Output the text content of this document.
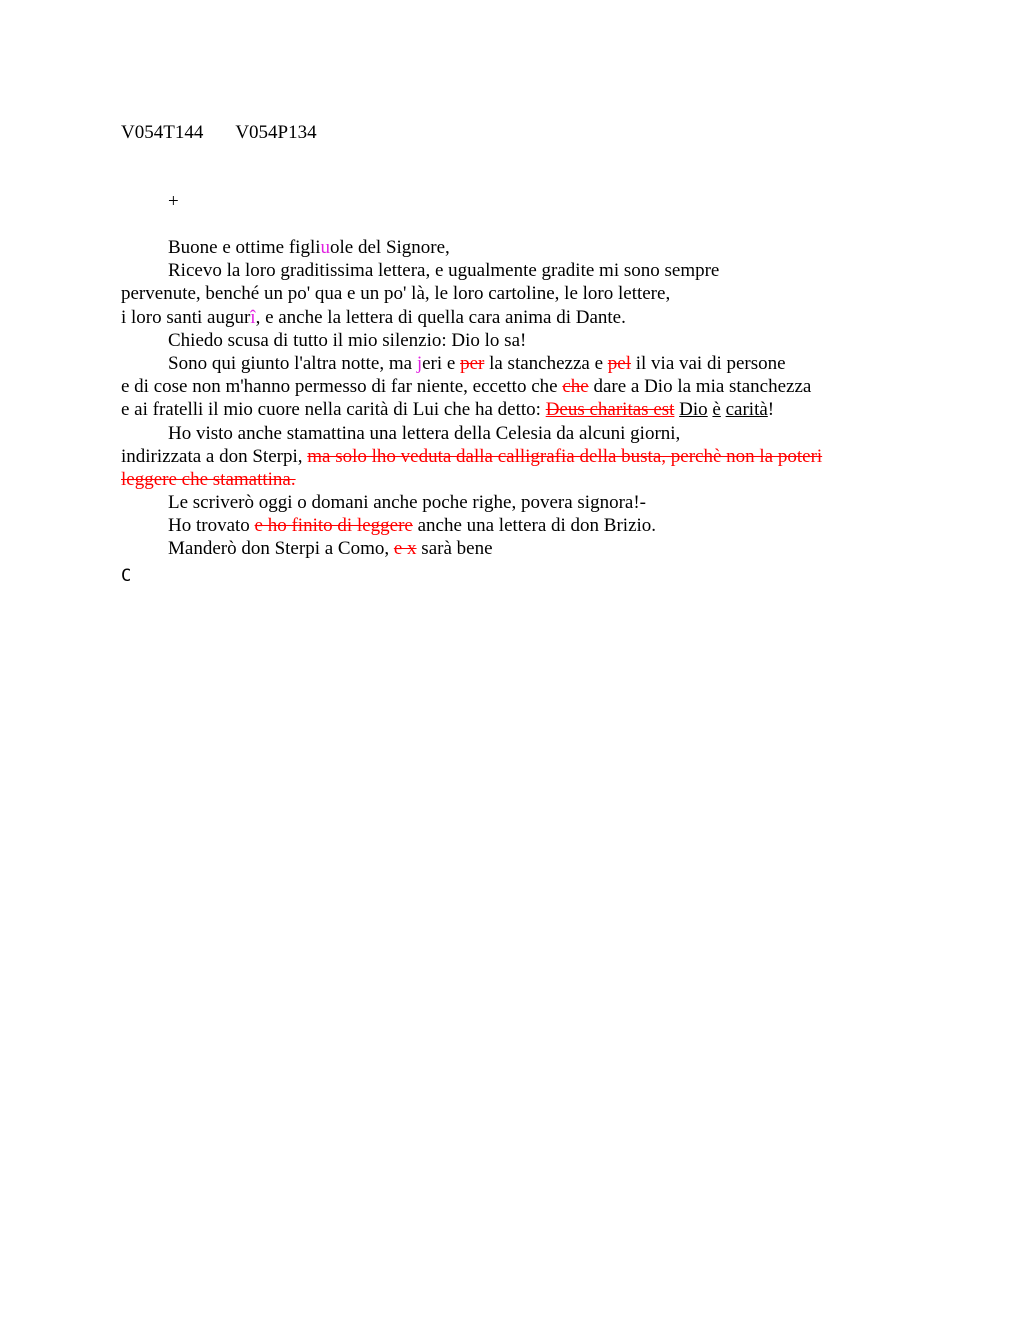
V054T144 V054P134
+
Buone e ottime figliuole del Signore,
Ricevo la loro graditissima lettera, e ugualmente gradite mi sono sempre
pervenute, benché un po' qua e un po' là, le loro cartoline, le loro lettere,
i loro santi augurî, e anche la lettera di quella cara anima di Dante.
Chiedo scusa di tutto il mio silenzio: Dio lo sa!
Sono qui giunto l'altra notte, ma jeri e per la stanchezza e pel il via vai di persone
e di cose non m'hanno permesso di far niente, eccetto che che dare a Dio la mia stanchezza
e ai fratelli il mio cuore nella carità di Lui che ha detto: Deus charitas est Dio è carità!
Ho visto anche stamattina una lettera della Celesia da alcuni giorni,
indirizzata a don Sterpi, ma solo lho veduta dalla calligrafia della busta, perchè non la poteri
leggere che stamattina.
Le scriverò oggi o domani anche poche righe, povera signora!-
Ho trovato e ho finito di leggere anche una lettera di don Brizio.
Manderò don Sterpi a Como, e x sarà bene
C
